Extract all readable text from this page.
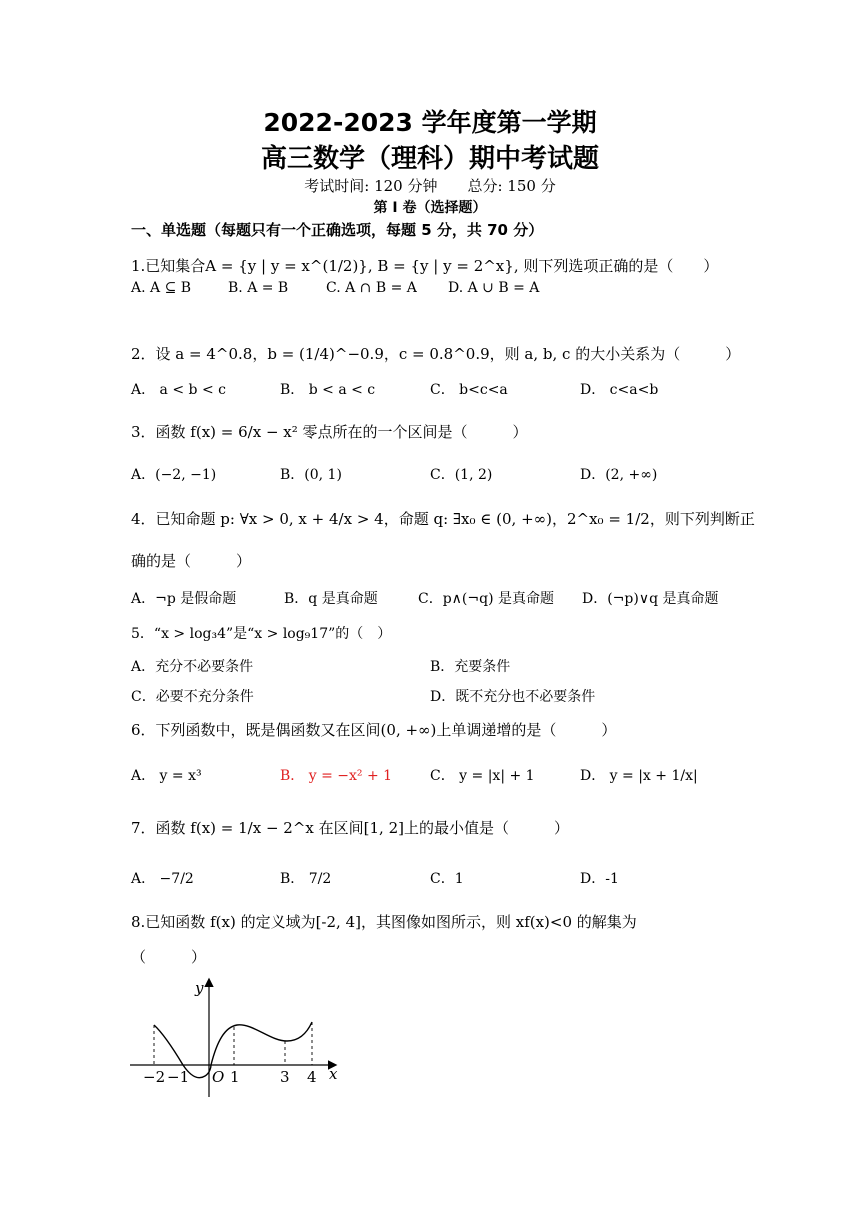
2022-2023 学年度第一学期
高三数学（理科）期中考试题
考试时间: 120 分钟　　总分: 150 分
第 I 卷（选择题）
一、单选题（每题只有一个正确选项，每题 5 分，共 70 分）
1.已知集合A = {y | y = x^(1/2)}, B = {y | y = 2^x}, 则下列选项正确的是（　　）
A. A ⊆ B	B. A = B	C. A ∩ B = A D. A ∪ B = A
2．设 a = 4^0.8，b = (1/4)^−0.9，c = 0.8^0.9，则 a, b, c 的大小关系为（　　　）
A． a < b < c	B． b < a < c	C． b<c<a	D． c<a<b
3．函数 f(x) = 6/x − x² 零点所在的一个区间是（　　　）
A．(−2, −1)	B．(0, 1)	C．(1, 2)	D．(2, +∞)
4．已知命题 p: ∀x > 0, x + 4/x > 4，命题 q: ∃x₀ ∈ (0, +∞)，2^x₀ = 1/2，则下列判断正
确的是（　　　）
A．¬p 是假命题	B．q 是真命题	C．p∧(¬q) 是真命题 D．(¬p)∨q 是真命题
5．“x > log₃4”是“x > log₉17”的（　）
A．充分不必要条件	B．充要条件
C．必要不充分条件	D．既不充分也不必要条件
6．下列函数中，既是偶函数又在区间(0, +∞)上单调递增的是（　　　）
A． y = x³	B． y = −x² + 1	C． y = |x| + 1	D． y = |x + 1/x|
7．函数 f(x) = 1/x − 2^x 在区间[1, 2]上的最小值是（　　　）
A． −7/2	B． 7/2	C．1	D．-1
8.已知函数 f(x) 的定义域为[-2, 4]，其图像如图所示，则 xf(x)<0 的解集为
（　　　）
y
x
O
−2 −1	1	3 4
